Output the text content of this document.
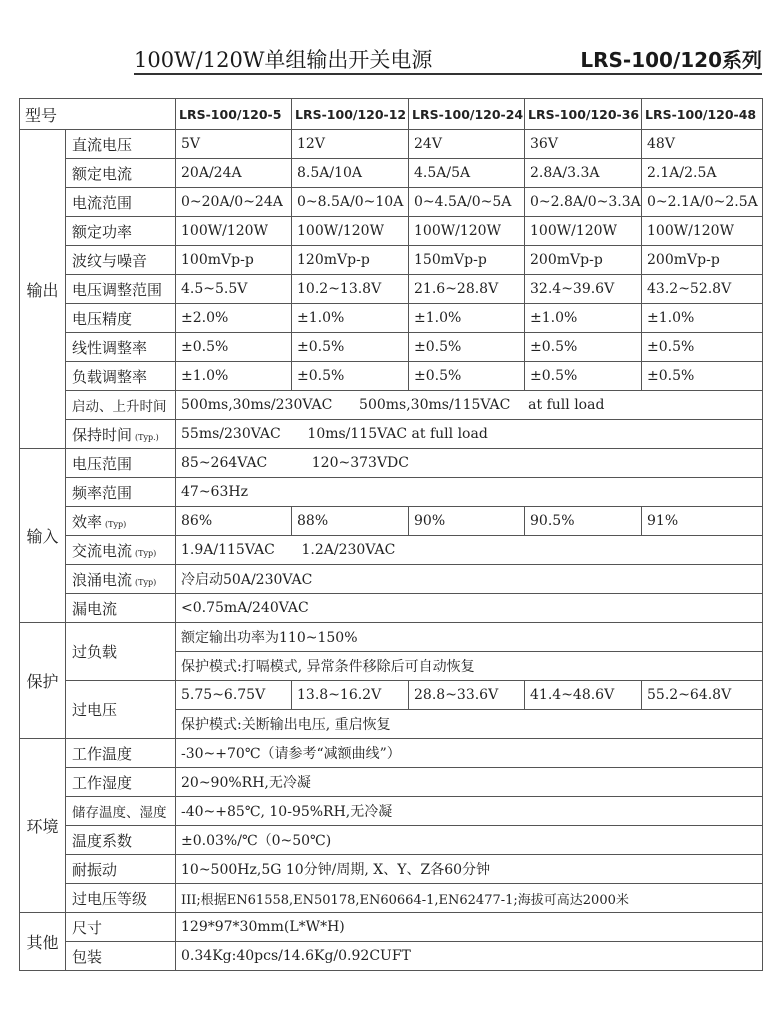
100W/120W单组输出开关电源	LRS-100/120系列
型号		LRS-100/120-5	LRS-100/120-12	LRS-100/120-24	LRS-100/120-36	LRS-100/120-48
输出	直流电压	5V	12V	24V	36V	48V
	额定电流	20A/24A	8.5A/10A	4.5A/5A	2.8A/3.3A	2.1A/2.5A
	电流范围	0~20A/0~24A	0~8.5A/0~10A	0~4.5A/0~5A	0~2.8A/0~3.3A	0~2.1A/0~2.5A
	额定功率	100W/120W	100W/120W	100W/120W	100W/120W	100W/120W
	波纹与噪音	100mVp-p	120mVp-p	150mVp-p	200mVp-p	200mVp-p
	电压调整范围	4.5~5.5V	10.2~13.8V	21.6~28.8V	32.4~39.6V	43.2~52.8V
	电压精度	±2.0%	±1.0%	±1.0%	±1.0%	±1.0%
	线性调整率	±0.5%	±0.5%	±0.5%	±0.5%	±0.5%
	负载调整率	±1.0%	±0.5%	±0.5%	±0.5%	±0.5%
	启动、上升时间	500ms,30ms/230VAC      500ms,30ms/115VAC    at full load				
	保持时间 (Typ.)	55ms/230VAC      10ms/115VAC at full load				
输入	电压范围	85~264VAC          120~373VDC				
	频率范围	47~63Hz				
	效率 (Typ)	86%	88%	90%	90.5%	91%
	交流电流 (Typ)	1.9A/115VAC      1.2A/230VAC				
	浪涌电流 (Typ)	冷启动50A/230VAC				
	漏电流	<0.75mA/240VAC				
保护	过负载	额定输出功率为110~150%				
		保护模式:打嗝模式, 异常条件移除后可自动恢复				
	过电压	5.75~6.75V	13.8~16.2V	28.8~33.6V	41.4~48.6V	55.2~64.8V
		保护模式:关断输出电压, 重启恢复				
环境	工作温度	-30~+70℃（请参考“减额曲线”）				
	工作湿度	20~90%RH,无冷凝				
	储存温度、湿度	-40~+85℃, 10-95%RH,无冷凝				
	温度系数	±0.03%/℃（0~50℃)				
	耐振动	10~500Hz,5G 10分钟/周期, X、Y、Z各60分钟				
	过电压等级	III;根据EN61558,EN50178,EN60664-1,EN62477-1;海拔可高达2000米				
其他	尺寸	129*97*30mm(L*W*H)				
	包装	0.34Kg:40pcs/14.6Kg/0.92CUFT				
